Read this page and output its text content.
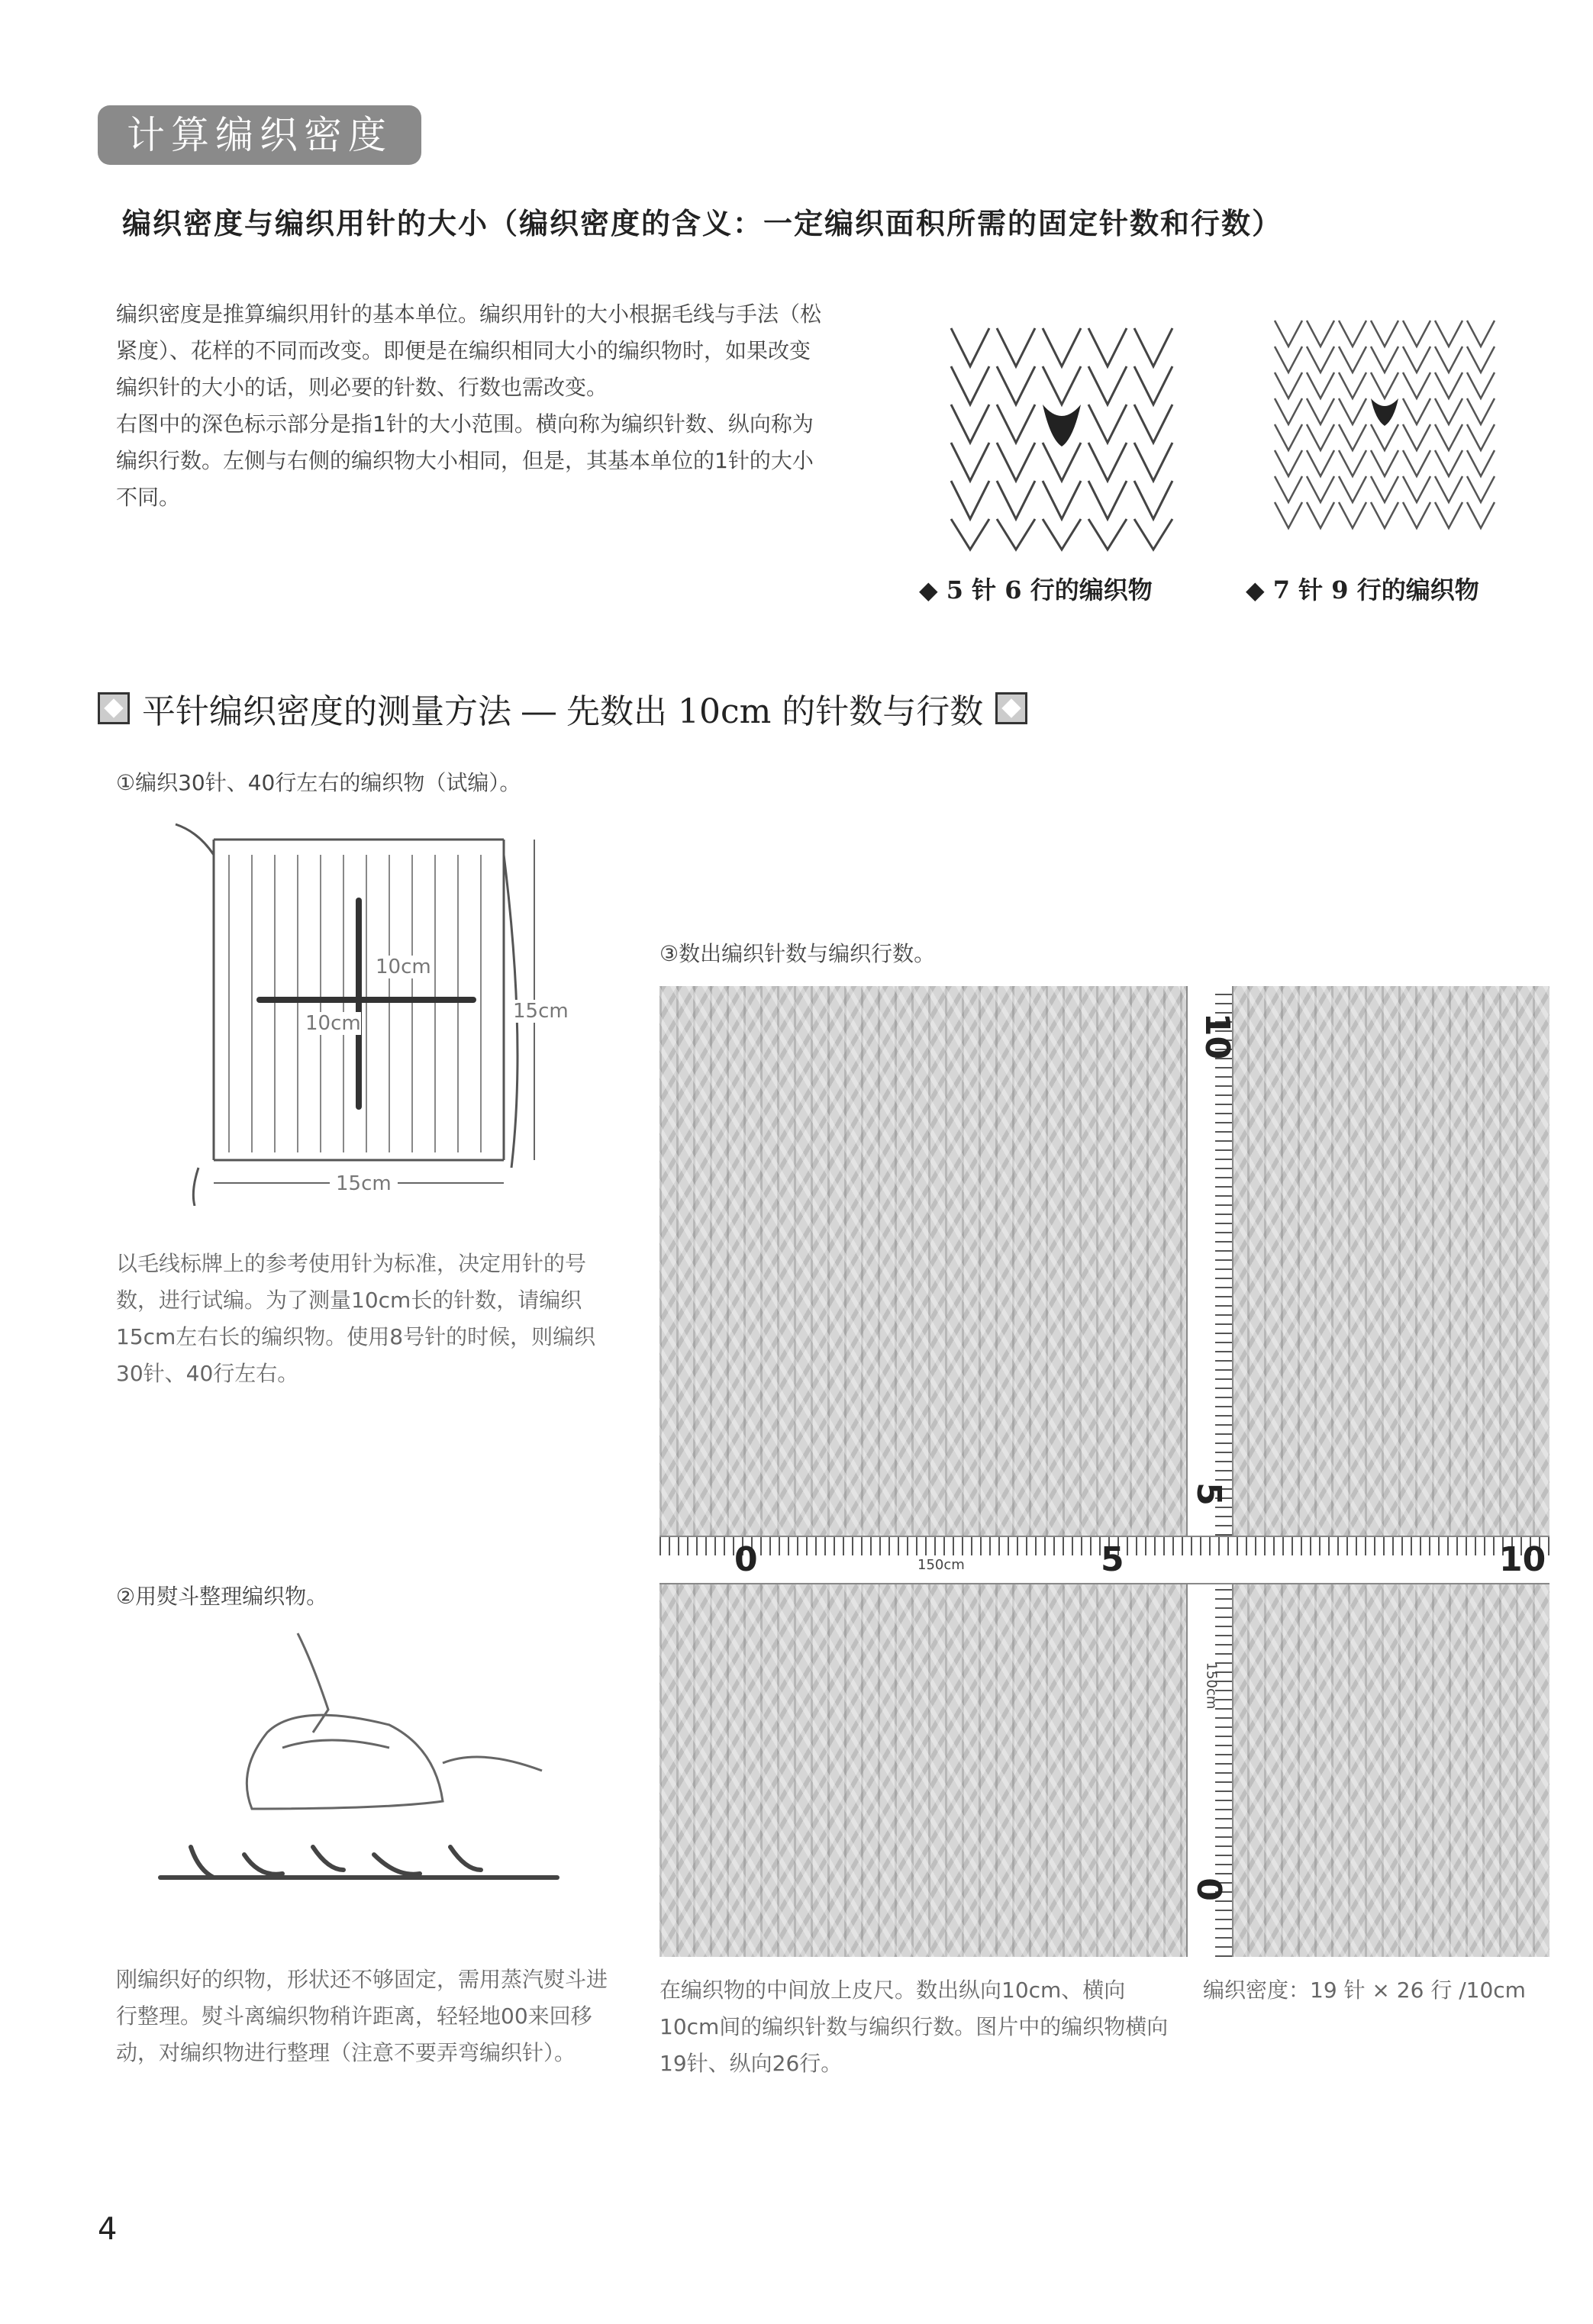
计算编织密度
编织密度与编织用针的大小（编织密度的含义：一定编织面积所需的固定针数和行数）
编织密度是推算编织用针的基本单位。编织用针的大小根据毛线与手法（松紧度）、花样的不同而改变。即便是在编织相同大小的编织物时，如果改变编织针的大小的话，则必要的针数、行数也需改变。
右图中的深色标示部分是指1针的大小范围。横向称为编织针数、纵向称为编织行数。左侧与右侧的编织物大小相同，但是，其基本单位的1针的大小不同。
◆ 5 针 6 行的编织物	◆ 7 针 9 行的编织物
平针编织密度的测量方法 ― 先数出 10cm 的针数与行数
①编织30针、40行左右的编织物（试编）。
10cm
10cm
15cm
15cm
以毛线标牌上的参考使用针为标准，决定用针的号数，进行试编。为了测量10cm长的针数，请编织15cm左右长的编织物。使用8号针的时候，则编织30针、40行左右。
②用熨斗整理编织物。
刚编织好的织物，形状还不够固定，需用蒸汽熨斗进行整理。熨斗离编织物稍许距离，轻轻地00来回移动，对编织物进行整理（注意不要弄弯编织针）。
③数出编织针数与编织行数。
0	5	10
150cm
10
5
0
150cm
在编织物的中间放上皮尺。数出纵向10cm、横向10cm间的编织针数与编织行数。图片中的编织物横向19针、纵向26行。
编织密度：19 针 × 26 行 /10cm
4
